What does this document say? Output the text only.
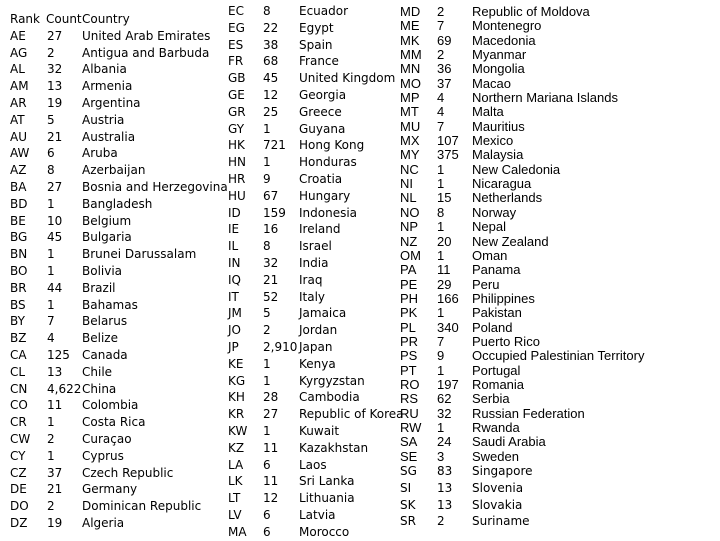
Rank Count Country
AE 27 United Arab Emirates
AG 2 Antigua and Barbuda
AL 32 Albania
AM 13 Armenia
AR 19 Argentina
AT 5 Austria
AU 21 Australia
AW 6 Aruba
AZ 8 Azerbaijan
BA 27 Bosnia and Herzegovina
BD 1 Bangladesh
BE 10 Belgium
BG 45 Bulgaria
BN 1 Brunei Darussalam
BO 1 Bolivia
BR 44 Brazil
BS 1 Bahamas
BY 7 Belarus
BZ 4 Belize
CA 125 Canada
CL 13 Chile
CN 4,622 China
CO 11 Colombia
CR 1 Costa Rica
CW 2 Curaçao
CY 1 Cyprus
CZ 37 Czech Republic
DE 21 Germany
DO 2 Dominican Republic
DZ 19 Algeria
EC 8 Ecuador
EG 22 Egypt
ES 38 Spain
FR 68 France
GB 45 United Kingdom
GE 12 Georgia
GR 25 Greece
GY 1 Guyana
HK 721 Hong Kong
HN 1 Honduras
HR 9 Croatia
HU 67 Hungary
ID 159 Indonesia
IE 16 Ireland
IL 8 Israel
IN 32 India
IQ 21 Iraq
IT 52 Italy
JM 5 Jamaica
JO 2 Jordan
JP 2,910 Japan
KE 1 Kenya
KG 1 Kyrgyzstan
KH 28 Cambodia
KR 27 Republic of Korea
KW 1 Kuwait
KZ 11 Kazakhstan
LA 6 Laos
LK 11 Sri Lanka
LT 12 Lithuania
LV 6 Latvia
MA 6 Morocco
MD 2 Republic of Moldova
ME 7 Montenegro
MK 69 Macedonia
MM 2 Myanmar
MN 36 Mongolia
MO 37 Macao
MP 4 Northern Mariana Islands
MT 4 Malta
MU 7 Mauritius
MX 107 Mexico
MY 375 Malaysia
NC 1 New Caledonia
NI 1 Nicaragua
NL 15 Netherlands
NO 8 Norway
NP 1 Nepal
NZ 20 New Zealand
OM 1 Oman
PA 11 Panama
PE 29 Peru
PH 166 Philippines
PK 1 Pakistan
PL 340 Poland
PR 7 Puerto Rico
PS 9 Occupied Palestinian Territory
PT 1 Portugal
RO 197 Romania
RS 62 Serbia
RU 32 Russian Federation
RW 1 Rwanda
SA 24 Saudi Arabia
SE 3 Sweden
SG 83 Singapore
SI 13 Slovenia
SK 13 Slovakia
SR 2 Suriname
